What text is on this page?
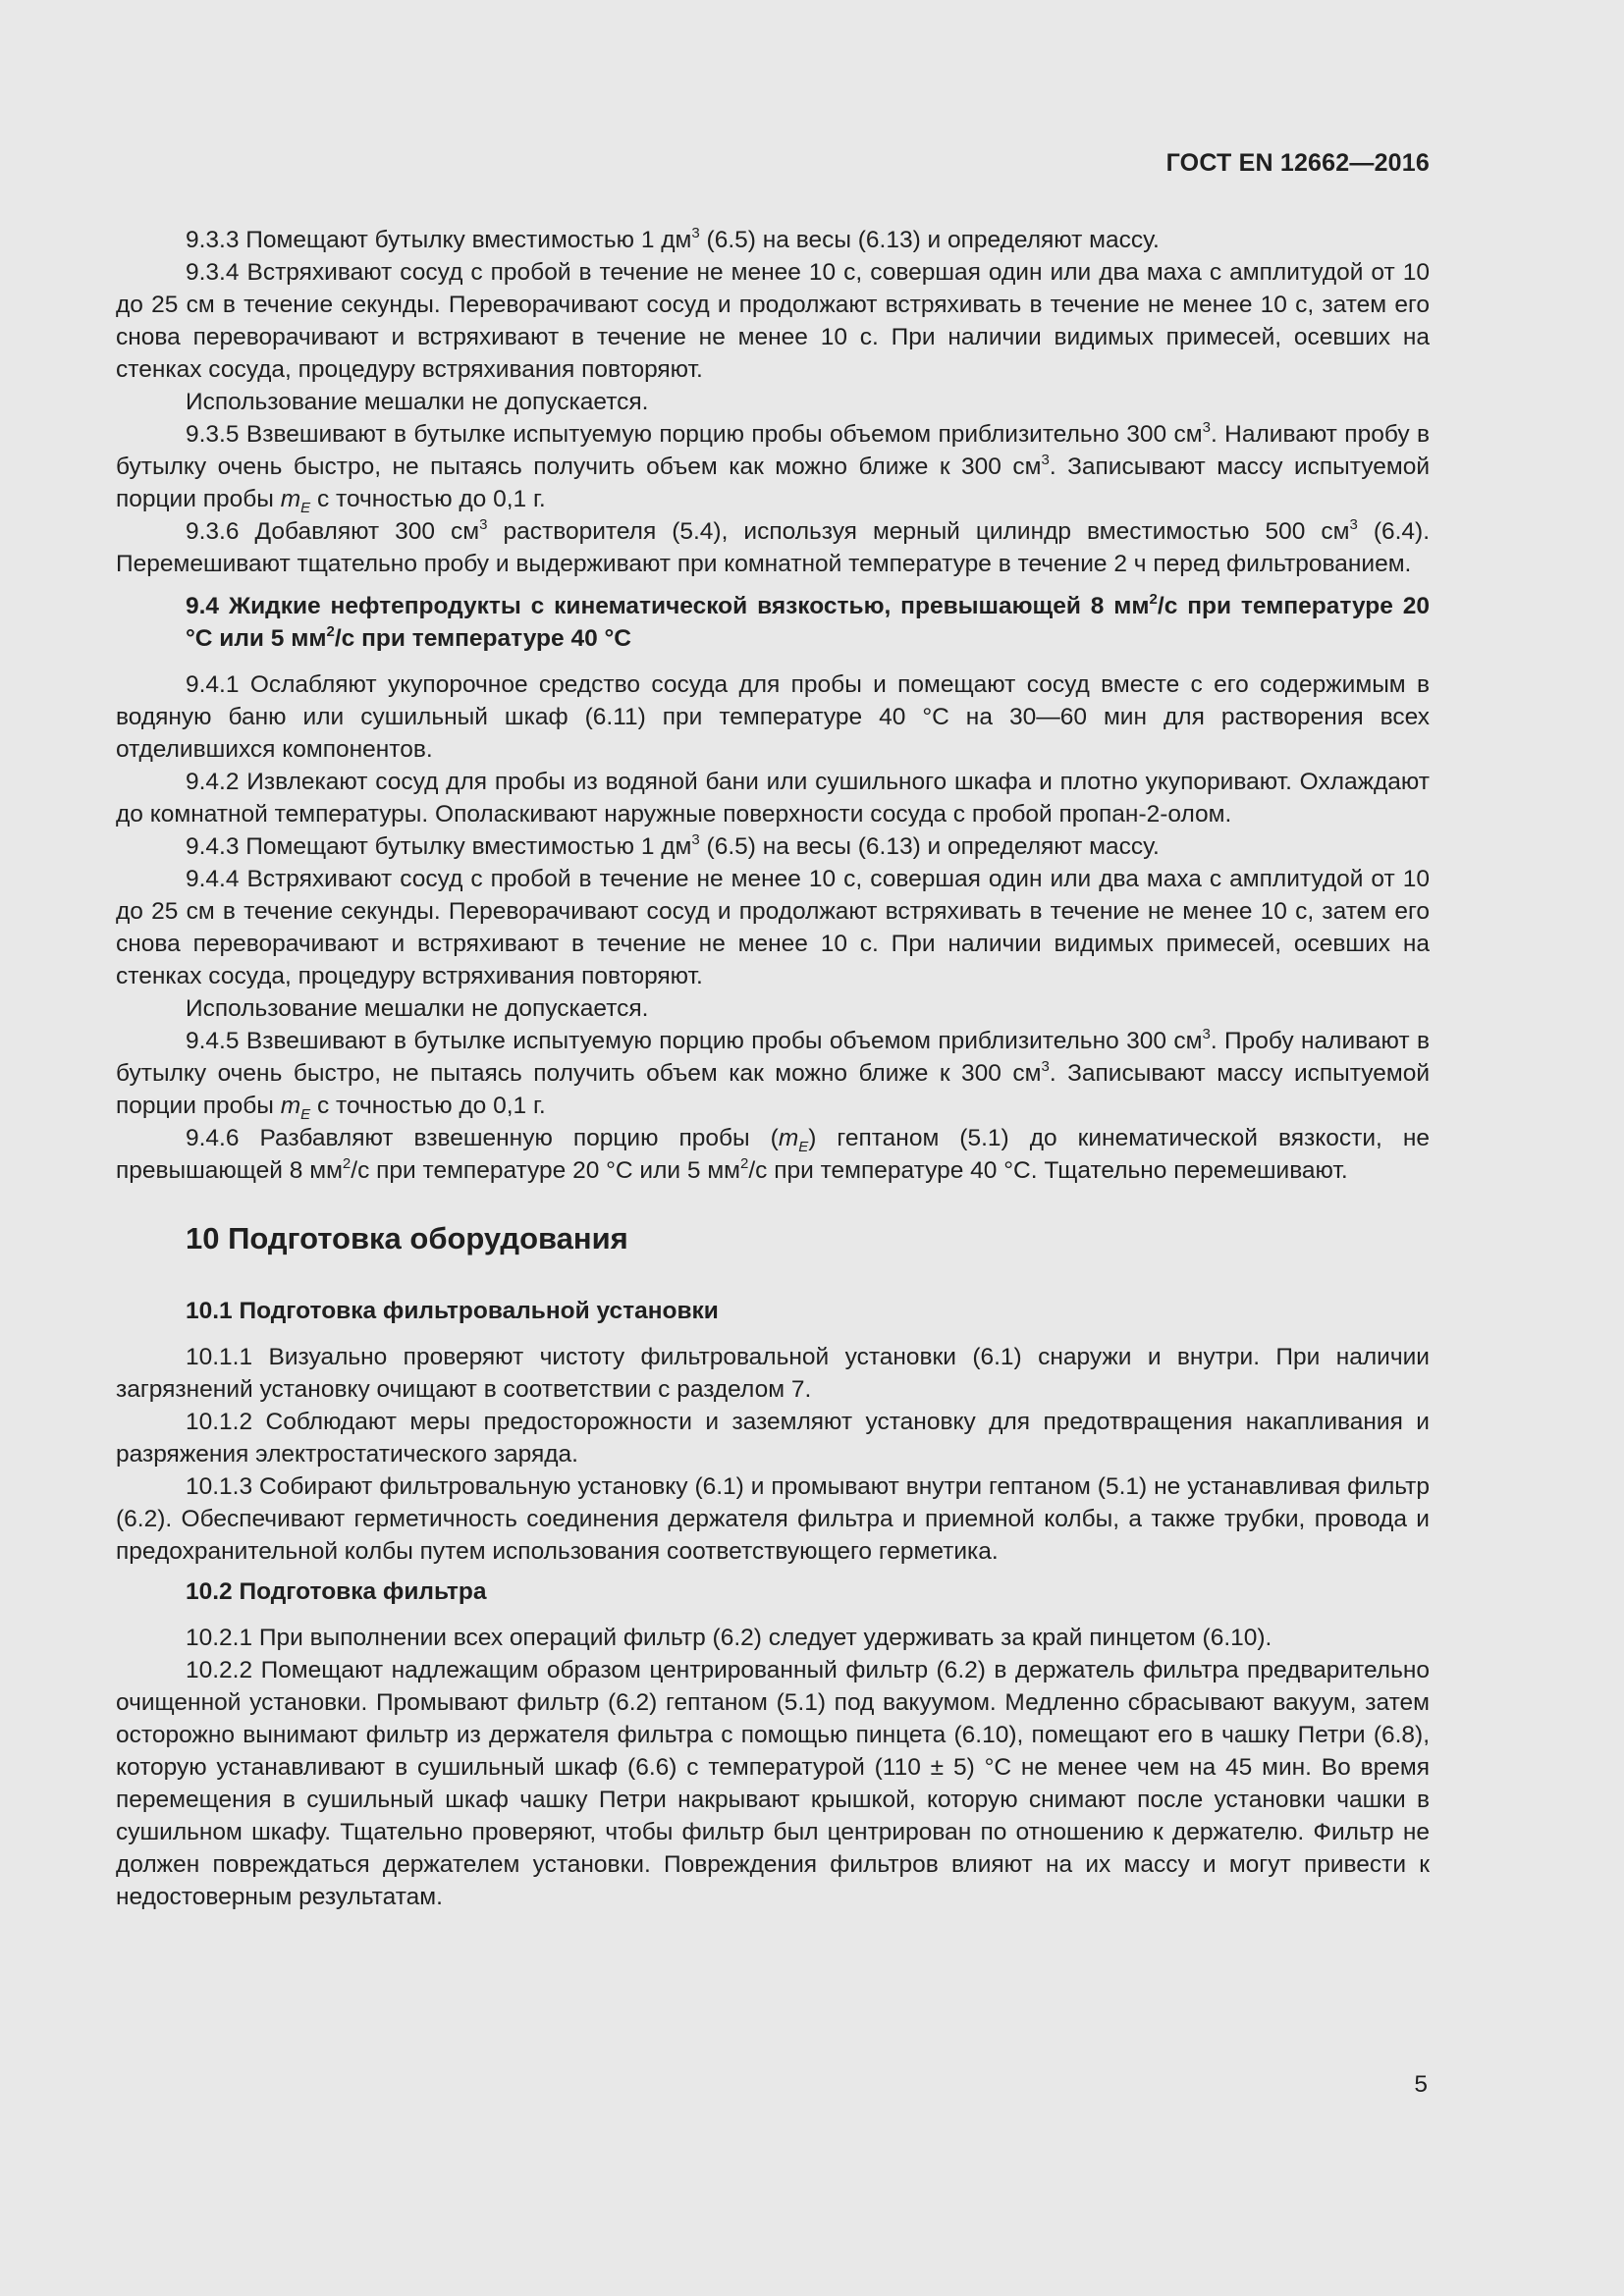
ГОСТ EN 12662—2016

9.3.3 Помещают бутылку вместимостью 1 $дм^3$ (6.5) на весы (6.13) и определяют массу.

9.3.4 Встряхивают сосуд с пробой в течение не менее 10 с, совершая один или два маха с амплитудой от 10 до 25 см в течение секунды. Переворачивают сосуд и продолжают встряхивать в течение не менее 10 с, затем его снова переворачивают и встряхивают в течение не менее 10 с. При наличии видимых примесей, осевших на стенках сосуда, процедуру встряхивания повторяют.

Использование мешалки не допускается.

9.3.5 Взвешивают в бутылке испытуемую порцию пробы объемом приблизительно 300 $см^3$. Наливают пробу в бутылку очень быстро, не пытаясь получить объем как можно ближе к 300 $см^3$. Записывают массу испытуемой порции пробы $m_E$ с точностью до 0,1 г.

9.3.6 Добавляют 300 $см^3$ растворителя (5.4), используя мерный цилиндр вместимостью 500 $см^3$ (6.4). Перемешивают тщательно пробу и выдерживают при комнатной температуре в течение 2 ч перед фильтрованием.

9.4 Жидкие нефтепродукты с кинематической вязкостью, превышающей 8 $мм^2/с$ при температуре 20 °C или 5 $мм^2/с$ при температуре 40 °C

9.4.1 Ослабляют укупорочное средство сосуда для пробы и помещают сосуд вместе с его содержимым в водяную баню или сушильный шкаф (6.11) при температуре 40 °C на 30—60 мин для растворения всех отделившихся компонентов.

9.4.2 Извлекают сосуд для пробы из водяной бани или сушильного шкафа и плотно укупоривают. Охлаждают до комнатной температуры. Ополаскивают наружные поверхности сосуда с пробой пропан-2-олом.

9.4.3 Помещают бутылку вместимостью 1 $дм^3$ (6.5) на весы (6.13) и определяют массу.

9.4.4 Встряхивают сосуд с пробой в течение не менее 10 с, совершая один или два маха с амплитудой от 10 до 25 см в течение секунды. Переворачивают сосуд и продолжают встряхивать в течение не менее 10 с, затем его снова переворачивают и встряхивают в течение не менее 10 с. При наличии видимых примесей, осевших на стенках сосуда, процедуру встряхивания повторяют.

Использование мешалки не допускается.

9.4.5 Взвешивают в бутылке испытуемую порцию пробы объемом приблизительно 300 $см^3$. Пробу наливают в бутылку очень быстро, не пытаясь получить объем как можно ближе к 300 $см^3$. Записывают массу испытуемой порции пробы $m_E$ с точностью до 0,1 г.

9.4.6 Разбавляют взвешенную порцию пробы $(m_E)$ гептаном (5.1) до кинематической вязкости, не превышающей 8 $мм^2/с$ при температуре 20 °C или 5 $мм^2/с$ при температуре 40 °C. Тщательно перемешивают.

10 Подготовка оборудования
10.1 Подготовка фильтровальной установки

10.1.1 Визуально проверяют чистоту фильтровальной установки (6.1) снаружи и внутри. При наличии загрязнений установку очищают в соответствии с разделом 7.

10.1.2 Соблюдают меры предосторожности и заземляют установку для предотвращения накапливания и разряжения электростатического заряда.

10.1.3 Собирают фильтровальную установку (6.1) и промывают внутри гептаном (5.1) не устанавливая фильтр (6.2). Обеспечивают герметичность соединения держателя фильтра и приемной колбы, а также трубки, провода и предохранительной колбы путем использования соответствующего герметика.

10.2 Подготовка фильтра

10.2.1 При выполнении всех операций фильтр (6.2) следует удерживать за край пинцетом (6.10).

10.2.2 Помещают надлежащим образом центрированный фильтр (6.2) в держатель фильтра предварительно очищенной установки. Промывают фильтр (6.2) гептаном (5.1) под вакуумом. Медленно сбрасывают вакуум, затем осторожно вынимают фильтр из держателя фильтра с помощью пинцета (6.10), помещают его в чашку Петри (6.8), которую устанавливают в сушильный шкаф (6.6) с температурой (110 ± 5) °C не менее чем на 45 мин. Во время перемещения в сушильный шкаф чашку Петри накрывают крышкой, которую снимают после установки чашки в сушильном шкафу. Тщательно проверяют, чтобы фильтр был центрирован по отношению к держателю. Фильтр не должен повреждаться держателем установки. Повреждения фильтров влияют на их массу и могут привести к недостоверным результатам.

5
